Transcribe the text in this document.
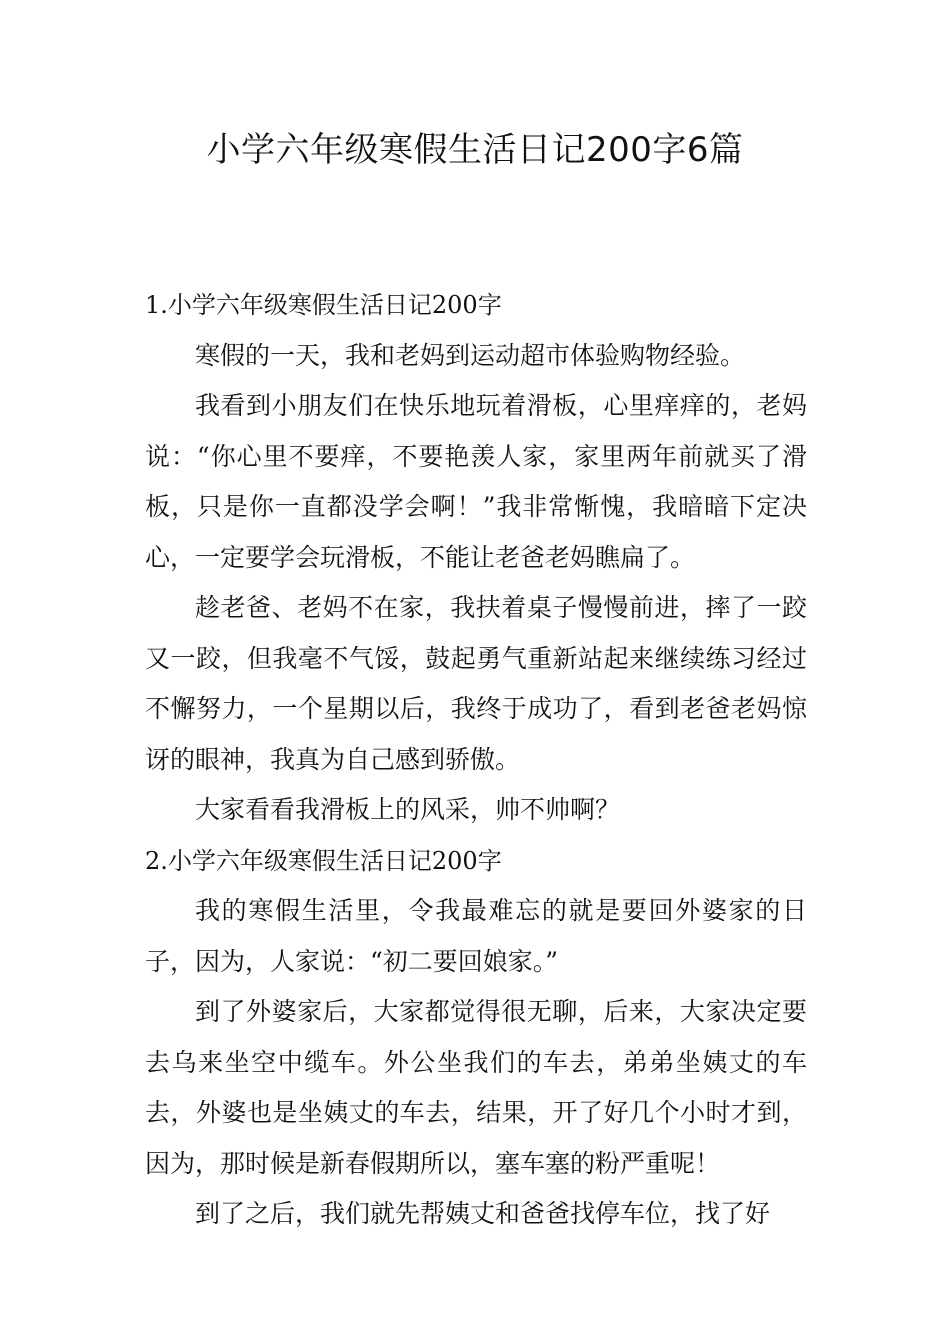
小学六年级寒假生活日记200字6篇

1.小学六年级寒假生活日记200字

寒假的一天，我和老妈到运动超市体验购物经验。

我看到小朋友们在快乐地玩着滑板，心里痒痒的，老妈说：“你心里不要痒，不要艳羡人家，家里两年前就买了滑板，只是你一直都没学会啊！”我非常惭愧，我暗暗下定决心，一定要学会玩滑板，不能让老爸老妈瞧扁了。

趁老爸、老妈不在家，我扶着桌子慢慢前进，摔了一跤又一跤，但我毫不气馁，鼓起勇气重新站起来继续练习经过不懈努力，一个星期以后，我终于成功了，看到老爸老妈惊讶的眼神，我真为自己感到骄傲。

大家看看我滑板上的风采，帅不帅啊？

2.小学六年级寒假生活日记200字

我的寒假生活里，令我最难忘的就是要回外婆家的日子，因为，人家说：“初二要回娘家。”

到了外婆家后，大家都觉得很无聊，后来，大家决定要去乌来坐空中缆车。外公坐我们的车去，弟弟坐姨丈的车去，外婆也是坐姨丈的车去，结果，开了好几个小时才到，因为，那时候是新春假期所以，塞车塞的粉严重呢！

到了之后，我们就先帮姨丈和爸爸找停车位，找了好
